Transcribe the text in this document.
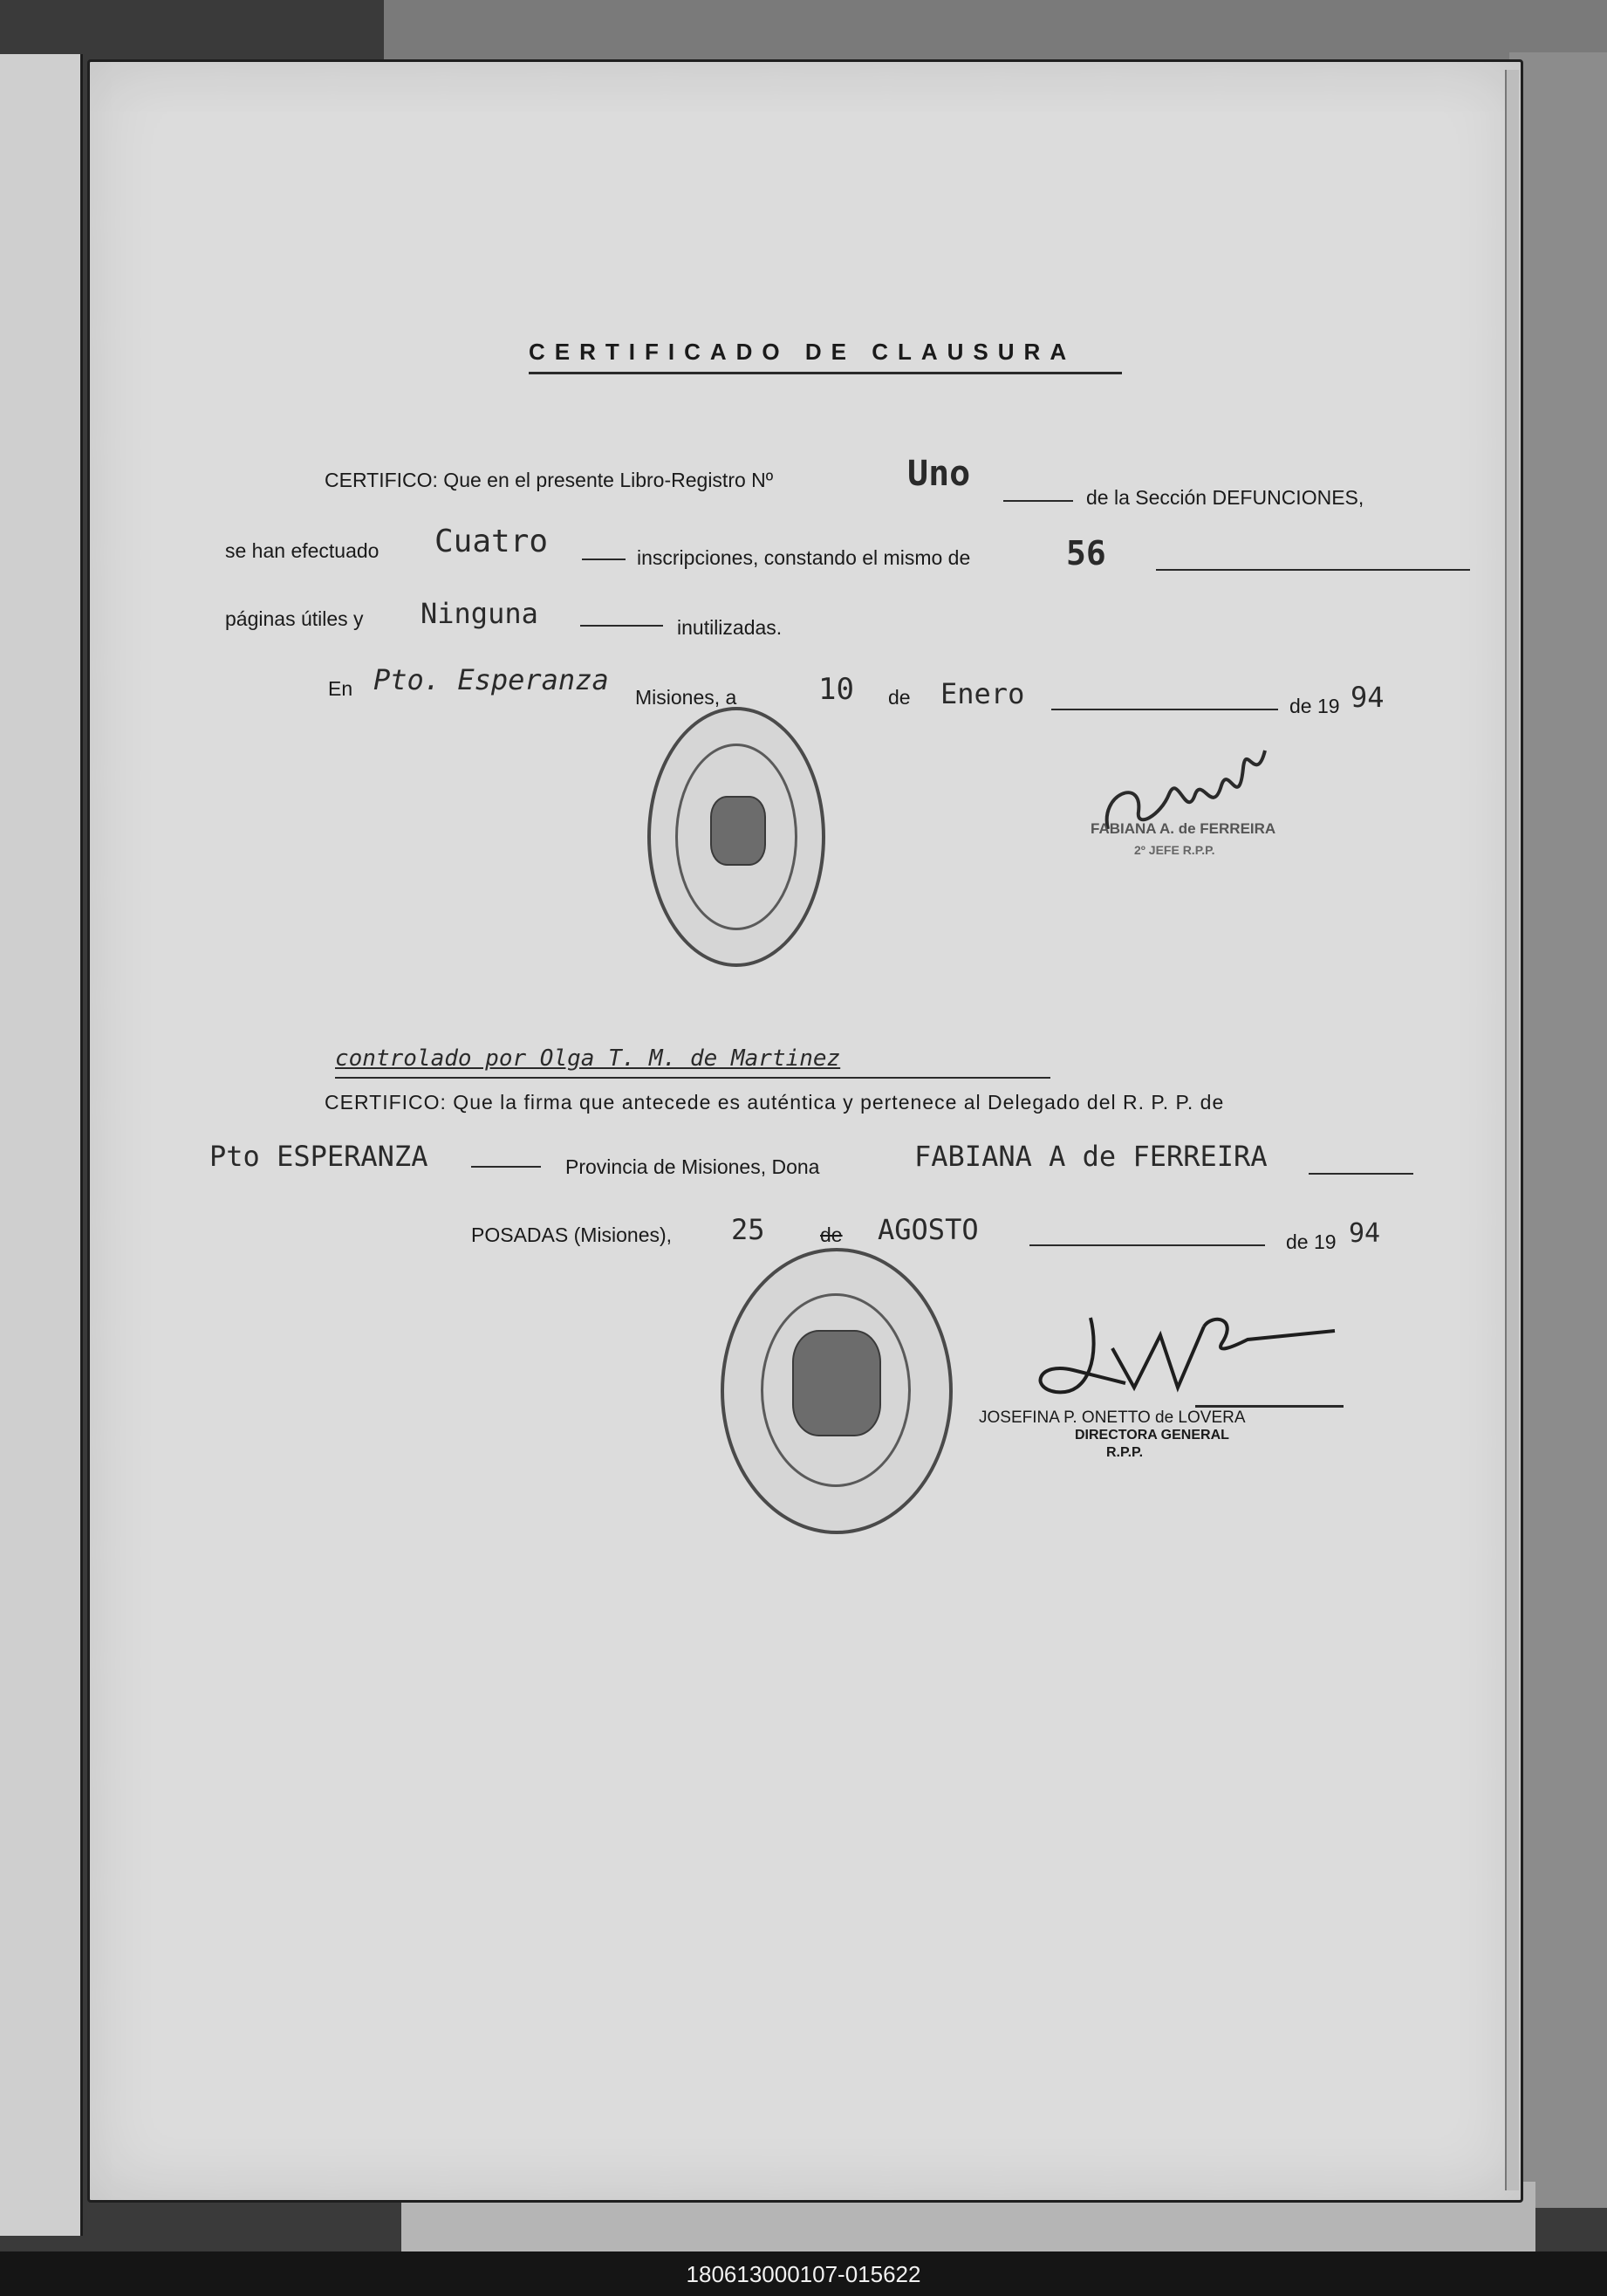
CERTIFICADO DE CLAUSURA
CERTIFICO: Que en el presente Libro-Registro Nº	Uno
de la Sección DEFUNCIONES,
se han efectuado Cuatro	inscripciones, constando el mismo de	56
páginas útiles y Ninguna	inutilizadas.
En Pto. Esperanza
Misiones, a	10 de Enero	de 19 94
FABIANA A. de FERREIRA
2º JEFE R.P.P.
controlado por Olga T. M. de Martinez
CERTIFICO: Que la firma que antecede es auténtica y pertenece al Delegado del R. P. P. de
Pto ESPERANZA	Provincia de Misiones, Dona	FABIANA A de FERREIRA
POSADAS (Misiones), 25	de AGOSTO	de 19 94
JOSEFINA P. ONETTO de LOVERA
DIRECTORA GENERAL
R.P.P.
180613000107-015622
